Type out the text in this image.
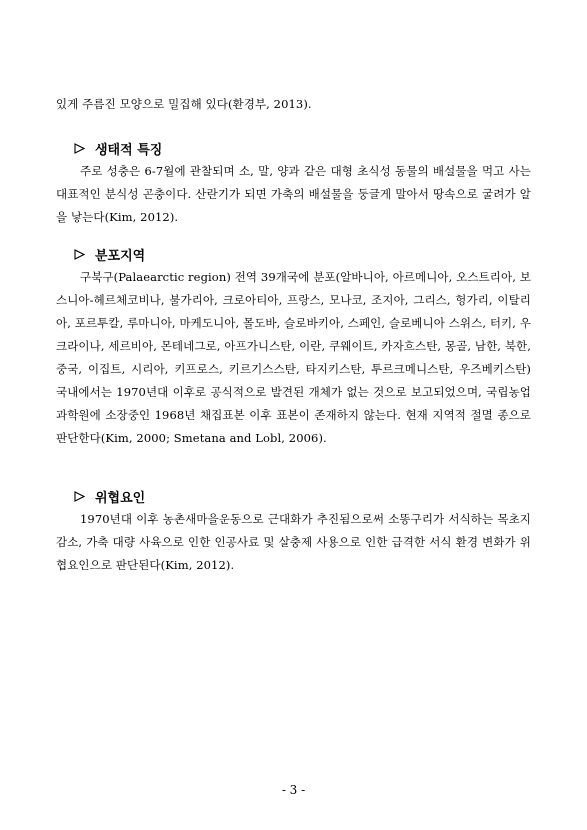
있게 주름진 모양으로 밀집해 있다(환경부, 2013).
생태적 특징
주로 성충은 6-7월에 관찰되며 소, 말, 양과 같은 대형 초식성 동물의 배설물을 먹고 사는 대표적인 분식성 곤충이다. 산란기가 되면 가축의 배설물을 둥글게 말아서 땅속으로 굴려가 알을 낳는다(Kim, 2012).
분포지역
구북구(Palaearctic region) 전역 39개국에 분포(알바니아, 아르메니아, 오스트리아, 보스니아-헤르체코비나, 불가리아, 크로아티아, 프랑스, 모나코, 조지아, 그리스, 헝가리, 이탈리아, 포르투칼, 루마니아, 마케도니아, 몰도바, 슬로바키아, 스페인, 슬로베니아 스위스, 터키, 우크라이나, 세르비아, 몬테네그로, 아프가니스탄, 이란, 쿠웨이트, 카자흐스탄, 몽골, 남한, 북한, 중국, 이집트, 시리아, 키프로스, 키르기스스탄, 타지키스탄, 투르크메니스탄, 우즈베키스탄) 국내에서는 1970년대 이후로 공식적으로 발견된 개체가 없는 것으로 보고되었으며, 국립농업과학원에 소장중인 1968년 채집표본 이후 표본이 존재하지 않는다. 현재 지역적 절멸 종으로 판단한다(Kim, 2000; Smetana and Lobl, 2006).
위협요인
1970년대 이후 농촌새마을운동으로 근대화가 추진됨으로써 소똥구리가 서식하는 목초지 감소, 가축 대량 사육으로 인한 인공사료 및 살충제 사용으로 인한 급격한 서식 환경 변화가 위협요인으로 판단된다(Kim, 2012).
- 3 -
